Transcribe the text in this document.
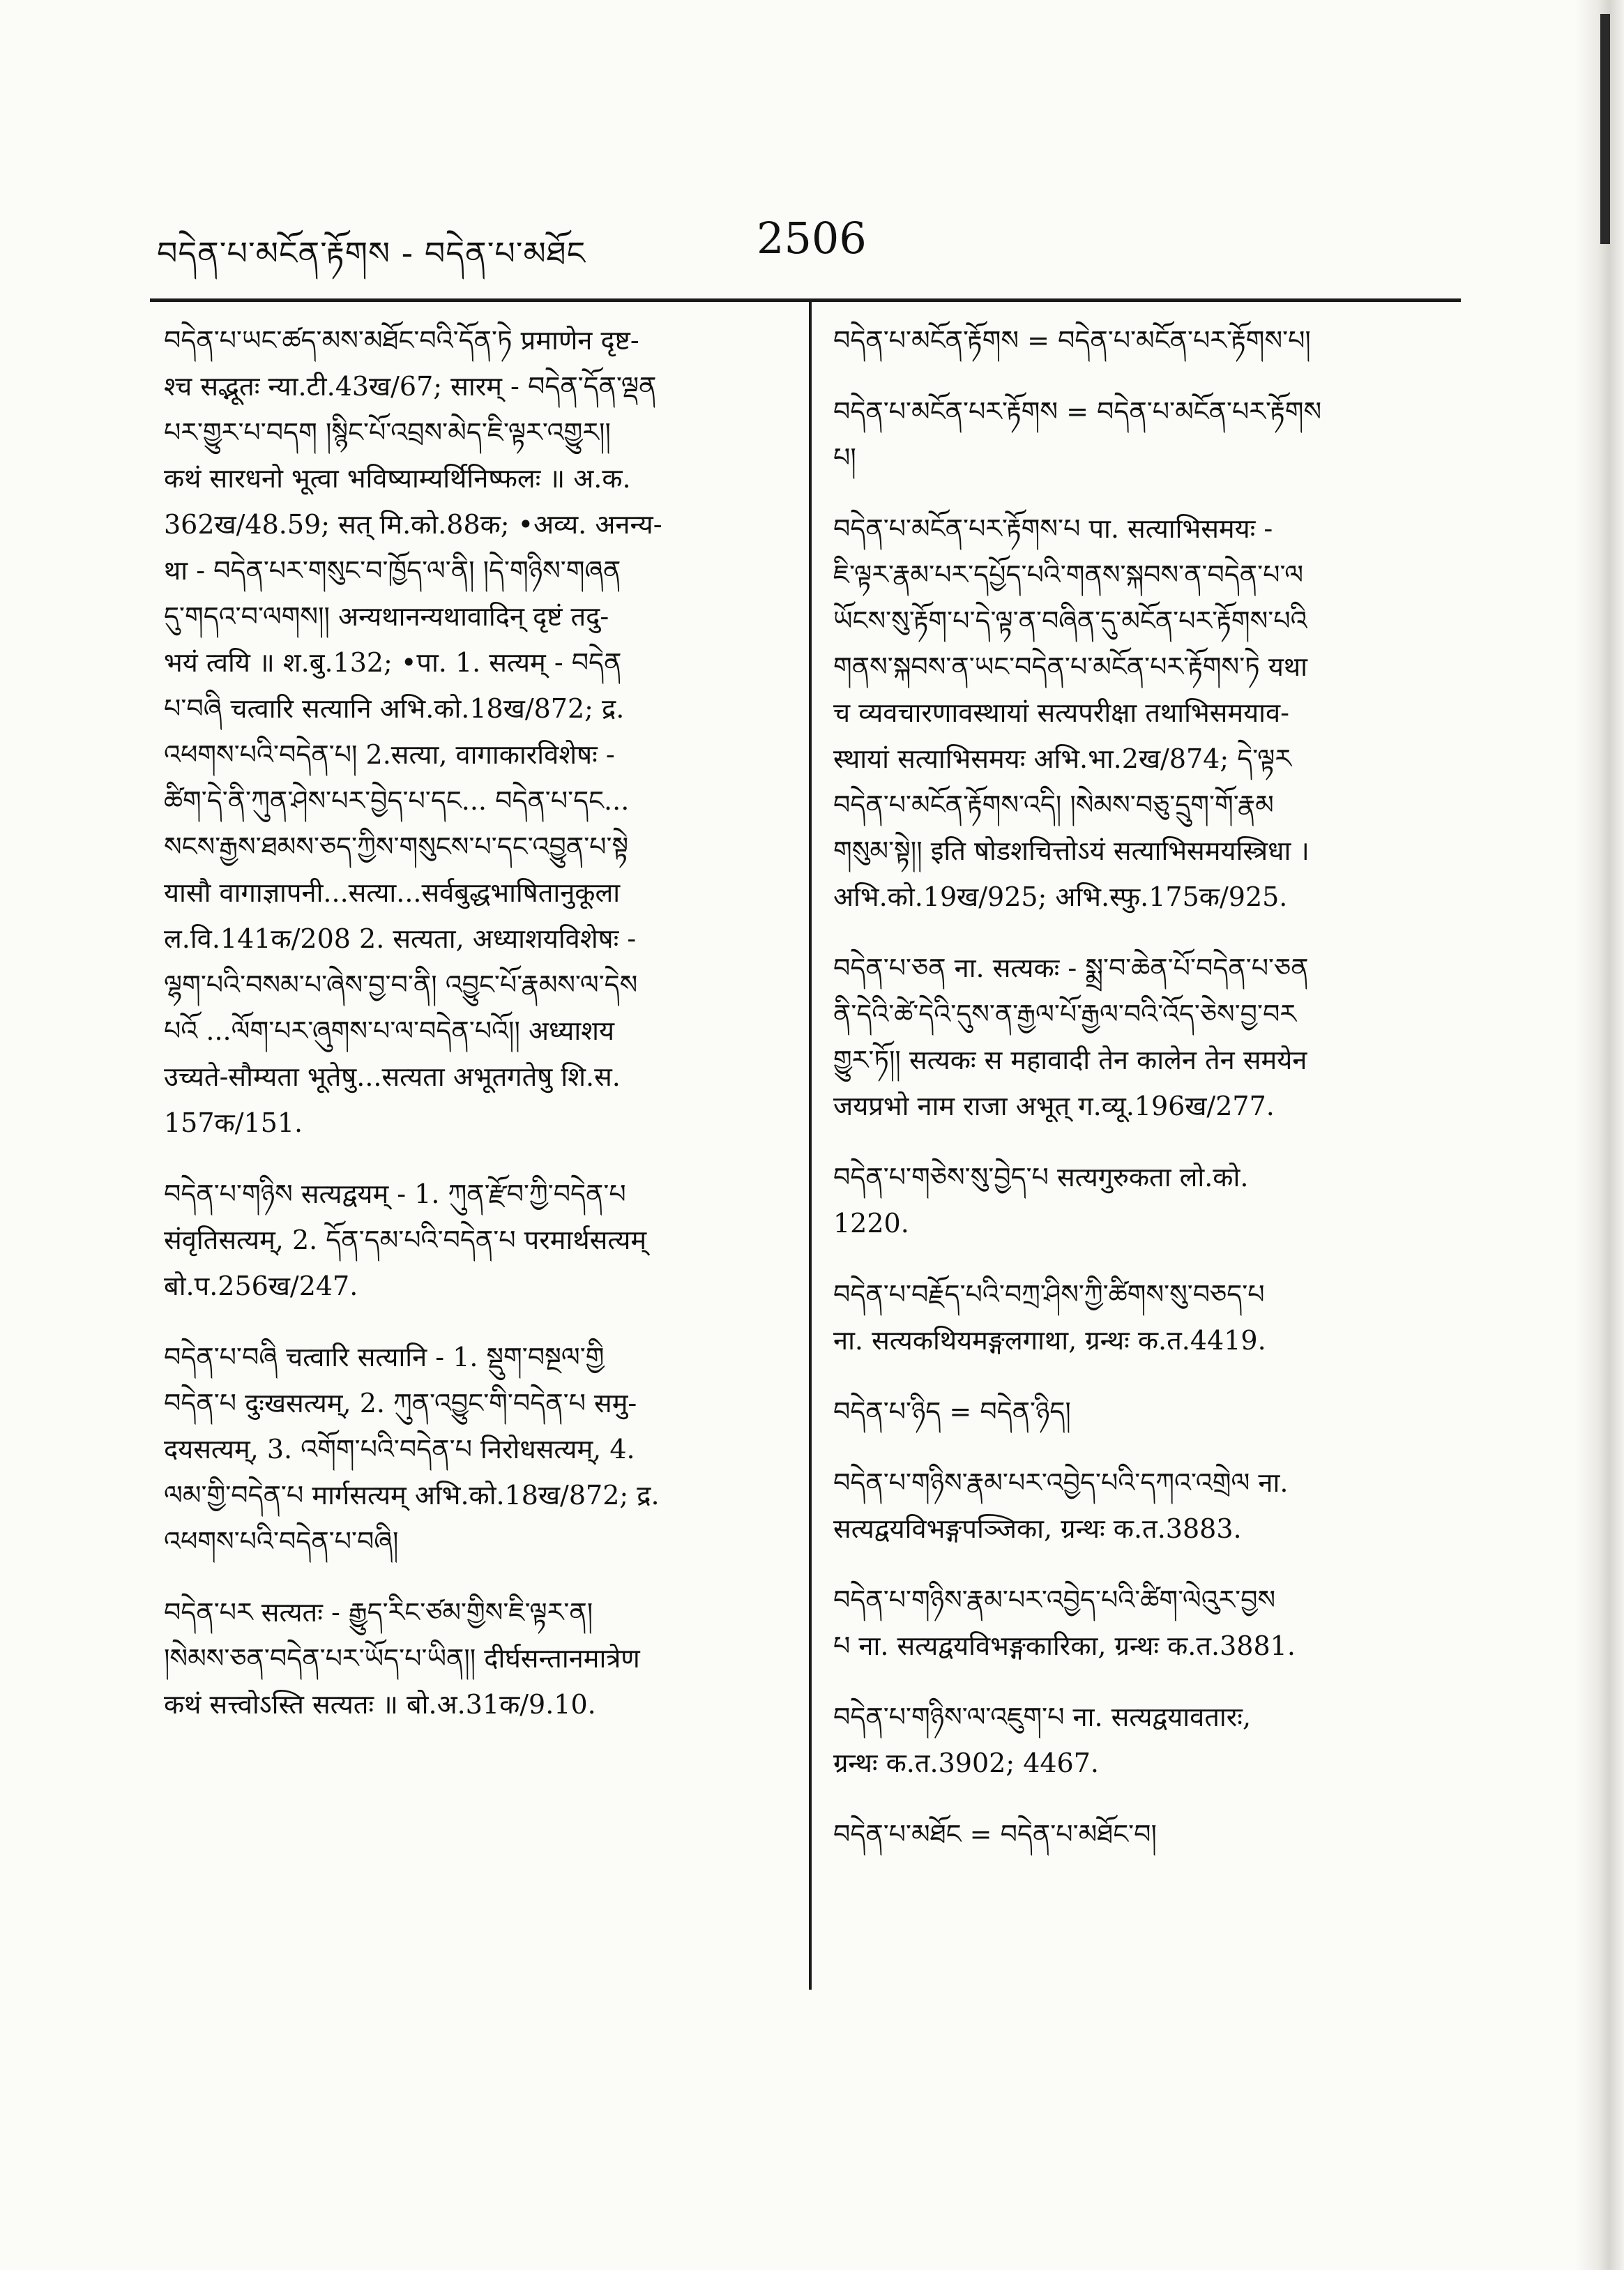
བདེན་པ་མངོན་རྟོགས - བདེན་པ་མཐོང	2506

བདེན་པ་ཡང་ཚད་མས་མཐོང་བའི་དོན་ཏེ प्रमाणेन दृष्ट-

श्च सद्भूतः न्या.टी.43ख/67; सारम् - བདེན་དོན་ལྡན

པར་གྱུར་པ་བདག །སྙིང་པོ་འབྲས་མེད་ཇི་ལྟར་འགྱུར།།

कथं सारधनो भूत्वा भविष्याम्यर्थिनिष्फलः ॥ अ.क.

362ख/48.59; सत् मि.को.88क; •अव्य. अनन्य-

था - བདེན་པར་གསུང་བ་ཁྱོད་ལ་ནི། །དེ་གཉིས་གཞན

དུ་གདའ་བ་ལགས།། अन्यथानन्यथावादिन् दृष्टं तदु-

भयं त्वयि ॥ श.बु.132; •पा. 1. सत्यम् - བདེན

པ་བཞི चत्वारि सत्यानि अभि.को.18ख/872; द्र.

འཕགས་པའི་བདེན་པ། 2.सत्या, वागाकारविशेषः -

ཚིག་དེ་ནི་ཀུན་ཤེས་པར་བྱེད་པ་དང... བདེན་པ་དང...

སངས་རྒྱས་ཐམས་ཅད་ཀྱིས་གསུངས་པ་དང་འབྱུན་པ་སྟེ

यासौ वागाज्ञापनी...सत्या...सर्वबुद्धभाषितानुकूला

ल.वि.141क/208 2. सत्यता, अध्याशयविशेषः -

ལྷག་པའི་བསམ་པ་ཞེས་བྱ་བ་ནི། འབྱུང་པོ་རྣམས་ལ་དེས

པའོ ...ལོག་པར་ཞུགས་པ་ལ་བདེན་པའོ།། अध्याशय

उच्यते-सौम्यता भूतेषु...सत्यता अभूतगतेषु शि.स.

157क/151.

བདེན་པ་གཉིས सत्यद्वयम् - 1. ཀུན་རྫོབ་ཀྱི་བདེན་པ

संवृतिसत्यम्, 2. དོན་དམ་པའི་བདེན་པ परमार्थसत्यम्

बो.प.256ख/247.

བདེན་པ་བཞི चत्वारि सत्यानि - 1. སྡུག་བསྔལ་གྱི

བདེན་པ दुःखसत्यम्, 2. ཀུན་འབྱུང་གི་བདེན་པ समु-

दयसत्यम्, 3. འགོག་པའི་བདེན་པ निरोधसत्यम्, 4.

ལམ་གྱི་བདེན་པ मार्गसत्यम् अभि.को.18ख/872; द्र.

འཕགས་པའི་བདེན་པ་བཞི།

བདེན་པར सत्यतः - རྒྱུད་རིང་ཙམ་གྱིས་ཇི་ལྟར་ན།

།སེམས་ཅན་བདེན་པར་ཡོད་པ་ཡིན།། दीर्घसन्तानमात्रेण

कथं सत्त्वोऽस्ति सत्यतः ॥ बो.अ.31क/9.10.

བདེན་པ་མངོན་རྟོགས = བདེན་པ་མངོན་པར་རྟོགས་པ།

བདེན་པ་མངོན་པར་རྟོགས = བདེན་པ་མངོན་པར་རྟོགས

པ།

བདེན་པ་མངོན་པར་རྟོགས་པ पा. सत्याभिसमयः -

ཇི་ལྟར་རྣམ་པར་དཔྱོད་པའི་གནས་སྐབས་ན་བདེན་པ་ལ

ཡོངས་སུ་རྟོག་པ་དེ་ལྟ་ན་བཞིན་དུ་མངོན་པར་རྟོགས་པའི

གནས་སྐབས་ན་ཡང་བདེན་པ་མངོན་པར་རྟོགས་ཏེ यथा

च व्यवचारणावस्थायां सत्यपरीक्षा तथाभिसमयाव-

स्थायां सत्याभिसमयः अभि.भा.2ख/874; དེ་ལྟར

བདེན་པ་མངོན་རྟོགས་འདི། །སེམས་བཅུ་དྲུག་གོ་རྣམ

གསུམ་སྟེ།། इति षोडशचित्तोऽयं सत्याभिसमयस्त्रिधा ।

अभि.को.19ख/925; अभि.स्फु.175क/925.

བདེན་པ་ཅན ना. सत्यकः - སྨྲ་བ་ཆེན་པོ་བདེན་པ་ཅན

ནི་དེའི་ཚེ་དེའི་དུས་ན་རྒྱལ་པོ་རྒྱལ་བའི་འོད་ཅེས་བྱ་བར

གྱུར་ཏོ།། सत्यकः स महावादी तेन कालेन तेन समयेन

जयप्रभो नाम राजा अभूत् ग.व्यू.196ख/277.

བདེན་པ་གཅེས་སུ་བྱེད་པ सत्यगुरुकता लो.को.

1220.

བདེན་པ་བརྗོད་པའི་བཀྲ་ཤིས་ཀྱི་ཚིགས་སུ་བཅད་པ

ना. सत्यकथियमङ्गलगाथा, ग्रन्थः क.त.4419.

བདེན་པ་ཉིད = བདེན་ཉིད།

བདེན་པ་གཉིས་རྣམ་པར་འབྱེད་པའི་དཀའ་འགྲེལ ना.

सत्यद्वयविभङ्गपञ्जिका, ग्रन्थः क.त.3883.

བདེན་པ་གཉིས་རྣམ་པར་འབྱེད་པའི་ཚིག་ལེའུར་བྱས

པ ना. सत्यद्वयविभङ्गकारिका, ग्रन्थः क.त.3881.

བདེན་པ་གཉིས་ལ་འཇུག་པ ना. सत्यद्वयावतारः,

ग्रन्थः क.त.3902; 4467.

བདེན་པ་མཐོང = བདེན་པ་མཐོང་བ།
